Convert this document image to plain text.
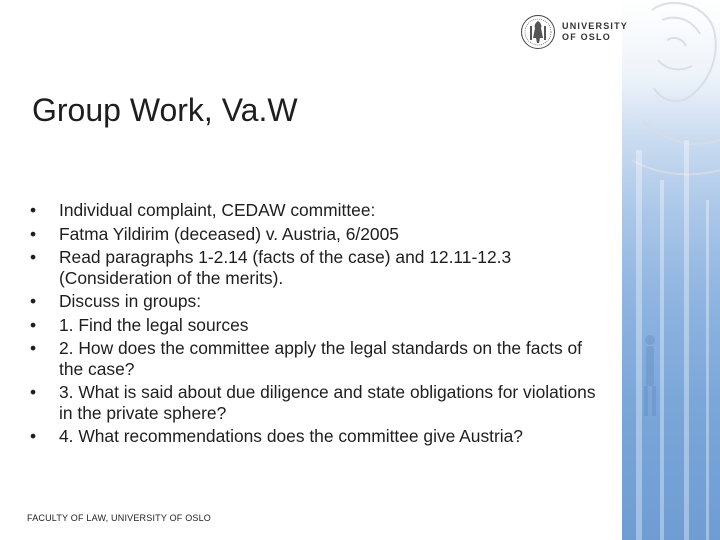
UNIVERSITY
OF OSLO
Group Work, Va.W
• Individual complaint, CEDAW committee:
• Fatma Yildirim (deceased) v. Austria, 6/2005
• Read paragraphs 1-2.14 (facts of the case) and 12.11-12.3 (Consideration of the merits).
• Discuss in groups:
• 1. Find the legal sources
• 2. How does the committee apply the legal standards on the facts of the case?
• 3. What is said about due diligence and state obligations for violations in the private sphere?
• 4. What recommendations does the committee give Austria?
FACULTY OF LAW, UNIVERSITY OF OSLO
